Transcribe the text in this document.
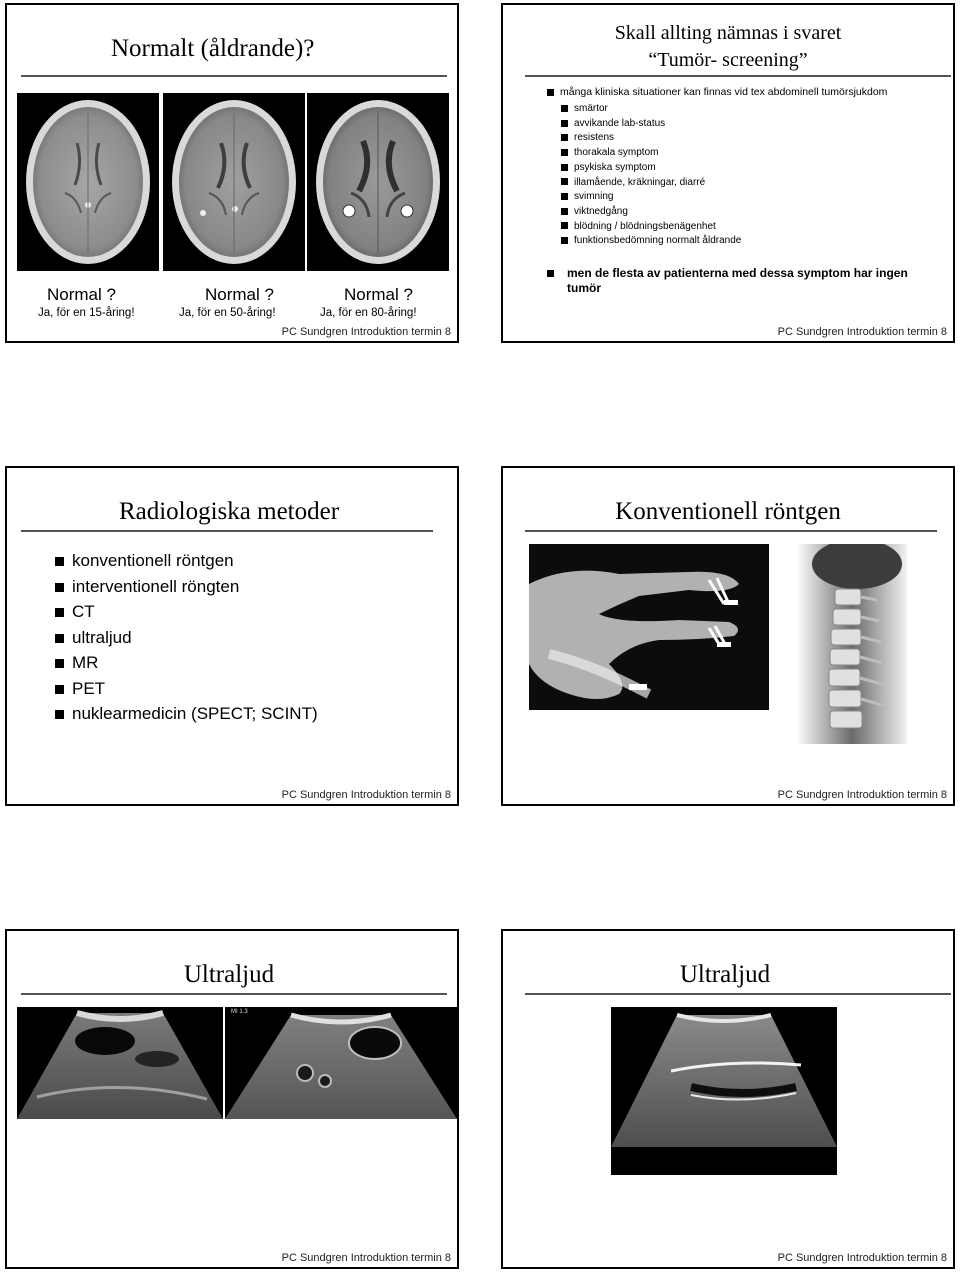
Normalt (åldrande)?
Normal ?
Ja, för en 15-åring!
Normal ?
Ja, för en 50-åring!
Normal ?
Ja, för en 80-åring!
PC Sundgren Introduktion termin 8
Skall allting nämnas i svaret
“Tumör- screening”
många kliniska situationer kan finnas vid tex abdominell tumörsjukdom
smärtor
avvikande lab-status
resistens
thorakala symptom
psykiska symptom
illamående, kräkningar, diarré
svimning
viktnedgång
blödning / blödningsbenägenhet
funktionsbedömning normalt åldrande
men de flesta av patienterna med dessa symptom har ingen tumör
PC Sundgren Introduktion termin 8
Radiologiska metoder
konventionell röntgen
interventionell röngten
CT
ultraljud
MR
PET
nuklearmedicin (SPECT; SCINT)
PC Sundgren Introduktion termin 8
Konventionell röntgen
PC Sundgren Introduktion termin 8
Ultraljud
MI 1.3
PC Sundgren Introduktion termin 8
Ultraljud
PC Sundgren Introduktion termin 8
